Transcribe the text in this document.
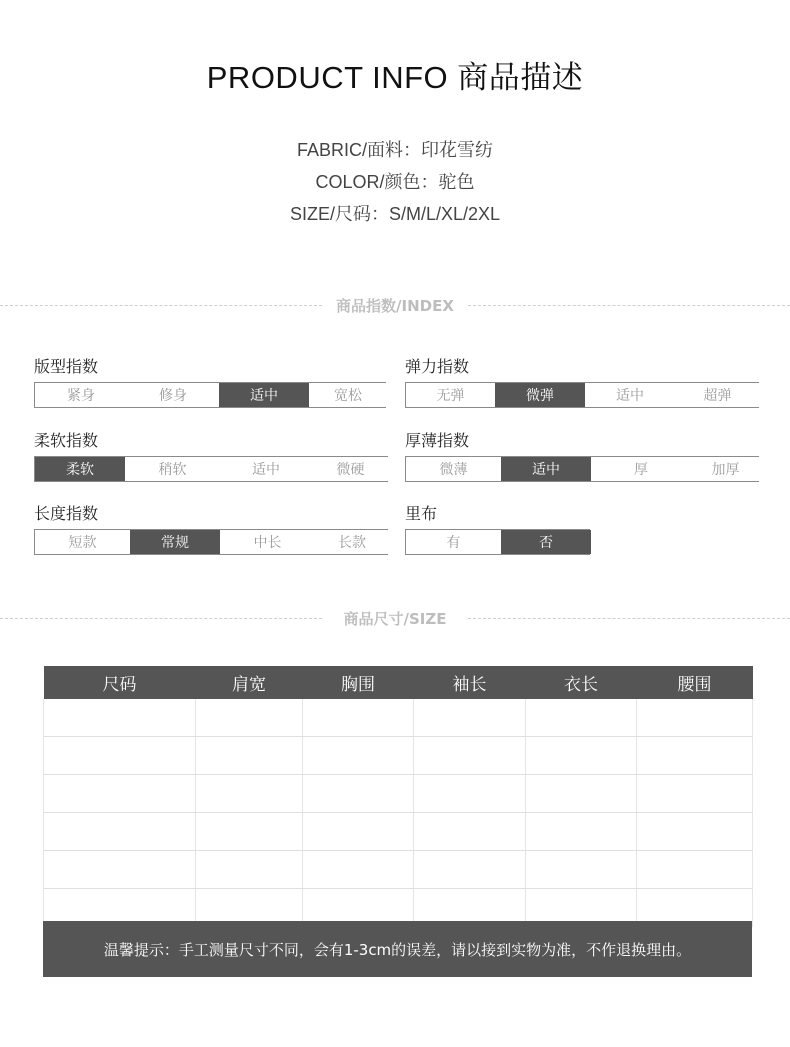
PRODUCT INFO 商品描述
FABRIC/面料：印花雪纺
COLOR/颜色：驼色
SIZE/尺码：S/M/L/XL/2XL
商品指数/INDEX
版型指数
紧身	修身	适中	宽松
弹力指数
无弹	微弹	适中	超弹
柔软指数
柔软	稍软	适中	微硬
厚薄指数
微薄	适中	厚	加厚
长度指数
短款	常规	中长	长款
里布
有	否
商品尺寸/SIZE
尺码	肩宽	胸围	袖长	衣长	腰围

温馨提示：手工测量尺寸不同，会有1-3cm的误差，请以接到实物为准，不作退换理由。
